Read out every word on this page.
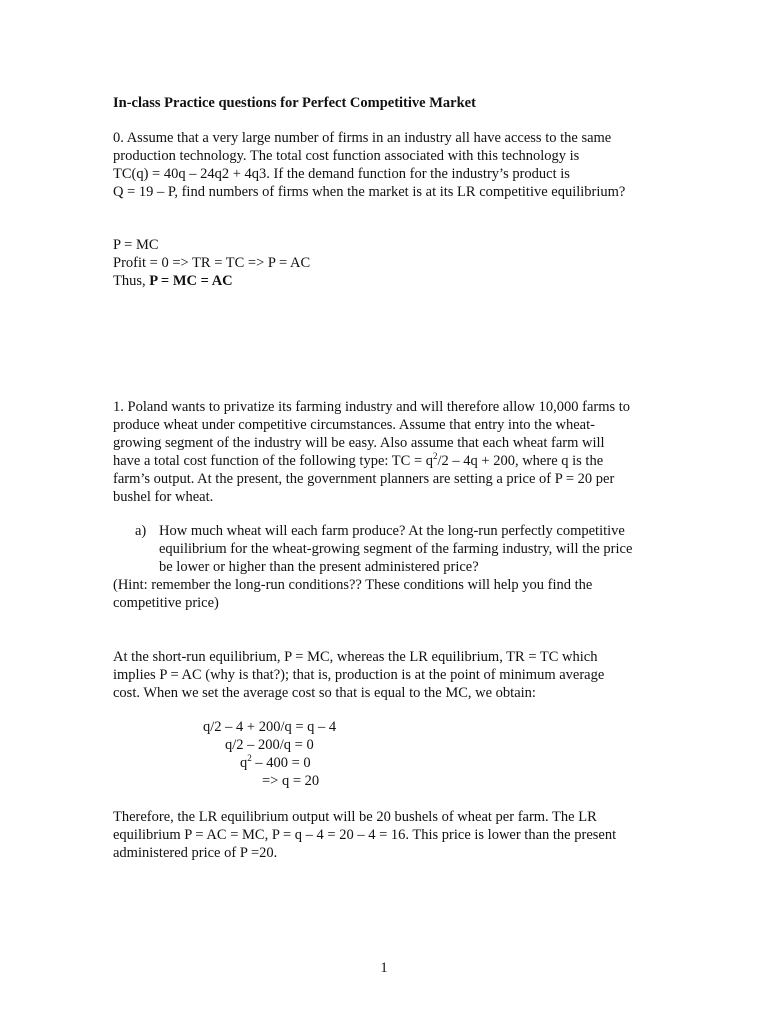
In-class Practice questions for Perfect Competitive Market
0. Assume that a very large number of firms in an industry all have access to the same
production technology. The total cost function associated with this technology is
TC(q) = 40q – 24q2 + 4q3. If the demand function for the industry’s product is
Q = 19 – P, find numbers of firms when the market is at its LR competitive equilibrium?
P = MC
Profit = 0 => TR = TC => P = AC
Thus, P = MC = AC
1. Poland wants to privatize its farming industry and will therefore allow 10,000 farms to
produce wheat under competitive circumstances. Assume that entry into the wheat-
growing segment of the industry will be easy. Also assume that each wheat farm will
have a total cost function of the following type: TC = $q^2/2 - 4q + 200$, where q is the
farm’s output. At the present, the government planners are setting a price of P = 20 per
bushel for wheat.
a) How much wheat will each farm produce? At the long-run perfectly competitive
equilibrium for the wheat-growing segment of the farming industry, will the price
be lower or higher than the present administered price?
(Hint: remember the long-run conditions?? These conditions will help you find the
competitive price)
At the short-run equilibrium, P = MC, whereas the LR equilibrium, TR = TC which
implies P = AC (why is that?); that is, production is at the point of minimum average
cost. When we set the average cost so that is equal to the MC, we obtain:
q/2 – 4 + 200/q = q – 4
q/2 – 200/q = 0
$q^2 - 400 = 0$
=> q = 20
Therefore, the LR equilibrium output will be 20 bushels of wheat per farm. The LR
equilibrium P = AC = MC, P = q – 4 = 20 – 4 = 16. This price is lower than the present
administered price of P =20.
1
